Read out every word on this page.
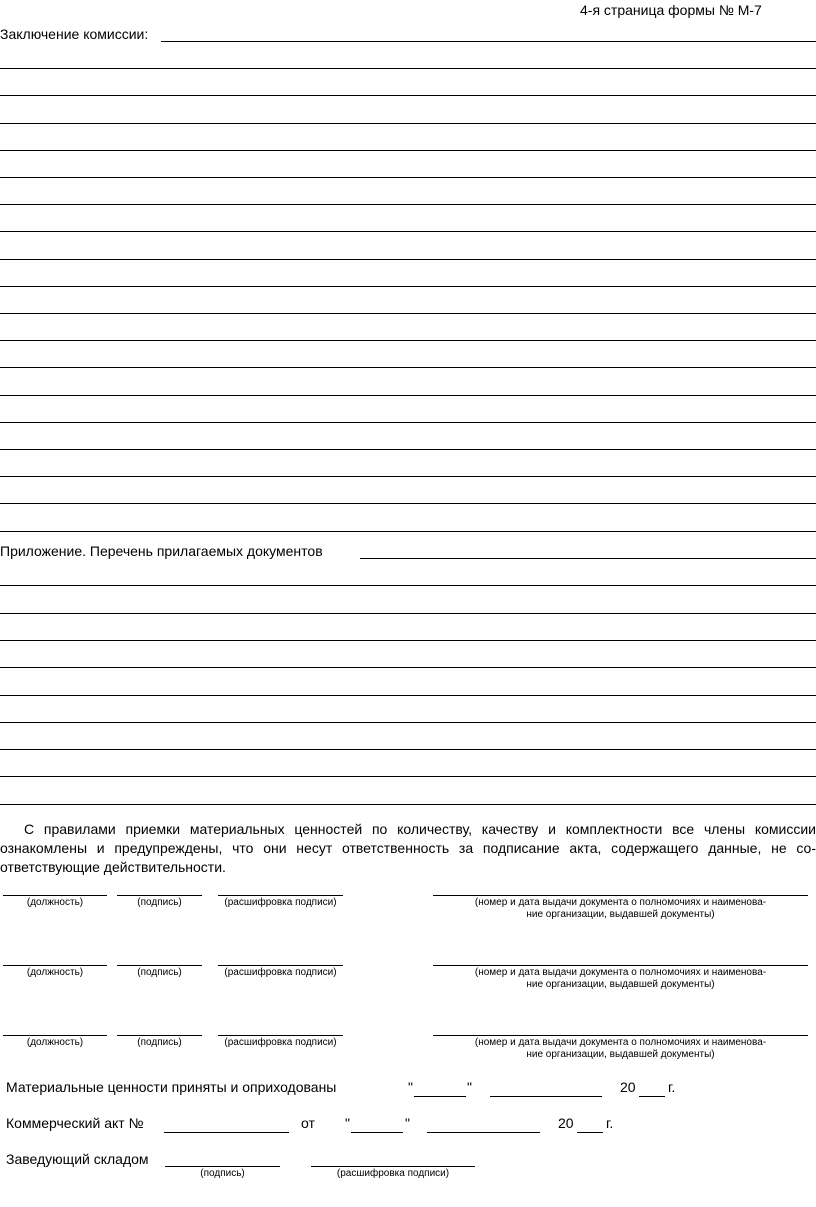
4-я страница формы № М-7
Заключение комиссии:
Приложение. Перечень прилагаемых документов
С правилами приемки материальных ценностей по количеству, качеству и комплектности все члены комиссии ознакомлены и предупреждены, что они несут ответственность за подписание акта, содержащего данные, не со-ответствующие действительности.
(должность)	(подпись)	(расшифровка подписи)	(номер и дата выдачи документа о полномочиях и наименова-
ние организации, выдавшей документы)
(должность)	(подпись)	(расшифровка подписи)	(номер и дата выдачи документа о полномочиях и наименова-
ние организации, выдавшей документы)
(должность)	(подпись)	(расшифровка подписи)	(номер и дата выдачи документа о полномочиях и наименова-
ние организации, выдавшей документы)
Материальные ценности приняты и оприходованы	"	"	20 г.
Коммерческий акт №	от "	"	20 г.
Заведующий складом
(подпись)	(расшифровка подписи)
